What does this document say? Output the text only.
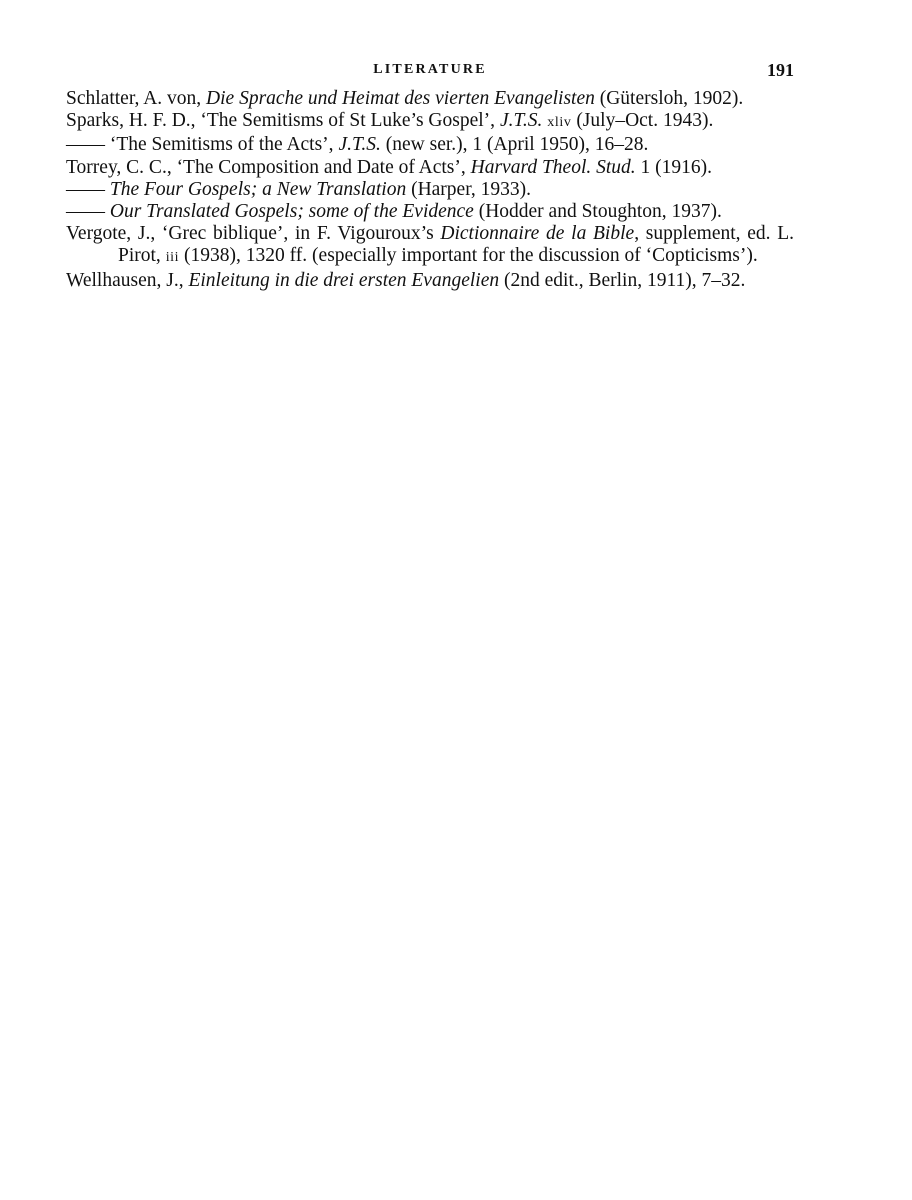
LITERATURE	191
Schlatter, A. von, Die Sprache und Heimat des vierten Evangelisten (Gütersloh, 1902).
Sparks, H. F. D., ‘The Semitisms of St Luke’s Gospel’, J.T.S. xliv (July–Oct. 1943).
—— ‘The Semitisms of the Acts’, J.T.S. (new ser.), 1 (April 1950), 16–28.
Torrey, C. C., ‘The Composition and Date of Acts’, Harvard Theol. Stud. 1 (1916).
—— The Four Gospels; a New Translation (Harper, 1933).
—— Our Translated Gospels; some of the Evidence (Hodder and Stoughton, 1937).
Vergote, J., ‘Grec biblique’, in F. Vigouroux’s Dictionnaire de la Bible, supplement, ed. L. Pirot, iii (1938), 1320 ff. (especially important for the discussion of ‘Copticisms’).
Wellhausen, J., Einleitung in die drei ersten Evangelien (2nd edit., Berlin, 1911), 7–32.
